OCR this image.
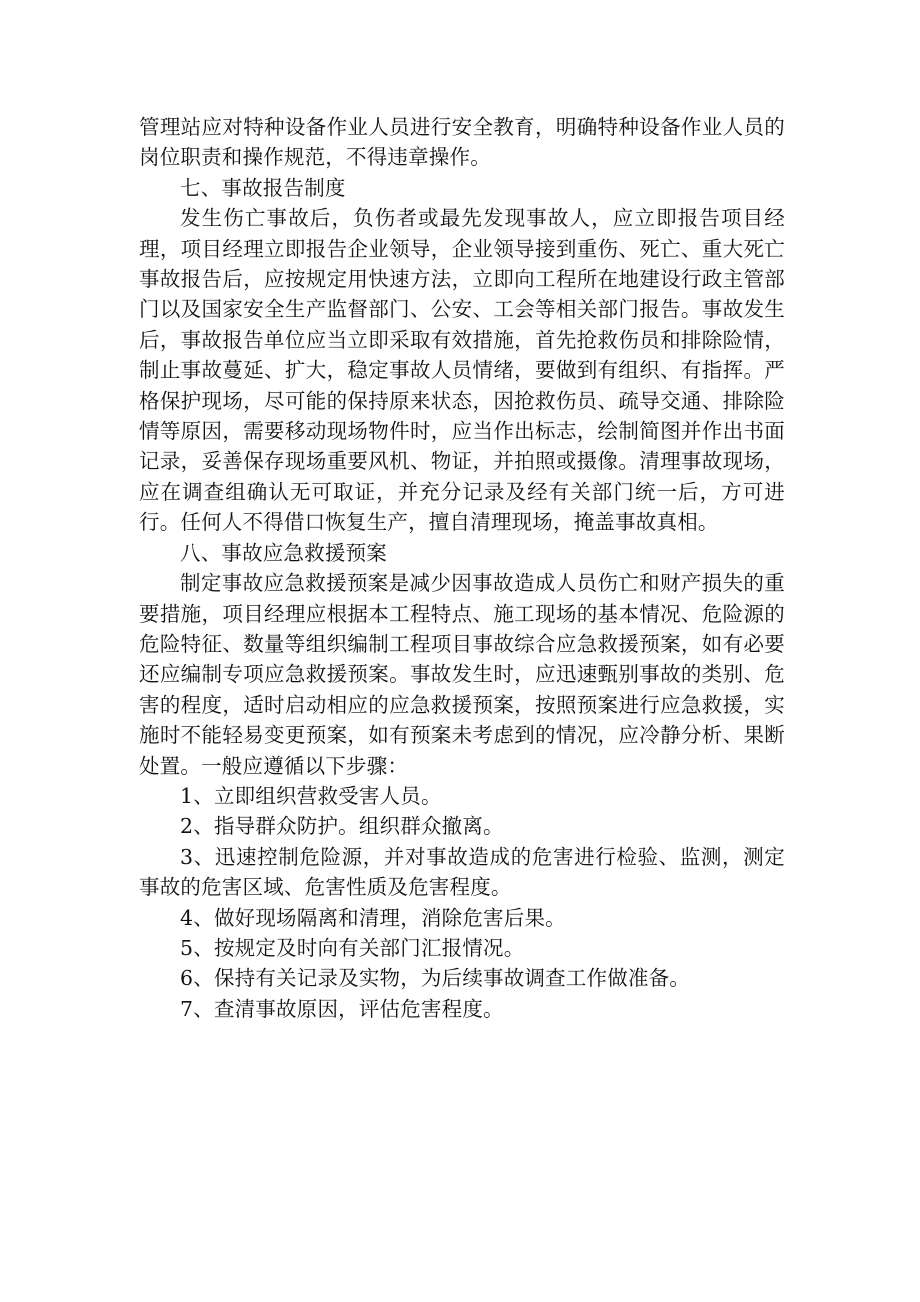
管理站应对特种设备作业人员进行安全教育，明确特种设备作业人员的岗位职责和操作规范，不得违章操作。

七、事故报告制度

发生伤亡事故后，负伤者或最先发现事故人，应立即报告项目经理，项目经理立即报告企业领导，企业领导接到重伤、死亡、重大死亡事故报告后，应按规定用快速方法，立即向工程所在地建设行政主管部门以及国家安全生产监督部门、公安、工会等相关部门报告。事故发生后，事故报告单位应当立即采取有效措施，首先抢救伤员和排除险情，制止事故蔓延、扩大，稳定事故人员情绪，要做到有组织、有指挥。严格保护现场，尽可能的保持原来状态，因抢救伤员、疏导交通、排除险情等原因，需要移动现场物件时，应当作出标志，绘制简图并作出书面记录，妥善保存现场重要风机、物证，并拍照或摄像。清理事故现场，应在调查组确认无可取证，并充分记录及经有关部门统一后，方可进行。任何人不得借口恢复生产，擅自清理现场，掩盖事故真相。

八、事故应急救援预案

制定事故应急救援预案是减少因事故造成人员伤亡和财产损失的重要措施，项目经理应根据本工程特点、施工现场的基本情况、危险源的危险特征、数量等组织编制工程项目事故综合应急救援预案，如有必要还应编制专项应急救援预案。事故发生时，应迅速甄别事故的类别、危害的程度，适时启动相应的应急救援预案，按照预案进行应急救援，实施时不能轻易变更预案，如有预案未考虑到的情况，应冷静分析、果断处置。一般应遵循以下步骤：

1、立即组织营救受害人员。

2、指导群众防护。组织群众撤离。

3、迅速控制危险源，并对事故造成的危害进行检验、监测，测定事故的危害区域、危害性质及危害程度。

4、做好现场隔离和清理，消除危害后果。

5、按规定及时向有关部门汇报情况。

6、保持有关记录及实物，为后续事故调查工作做准备。

7、查清事故原因，评估危害程度。
